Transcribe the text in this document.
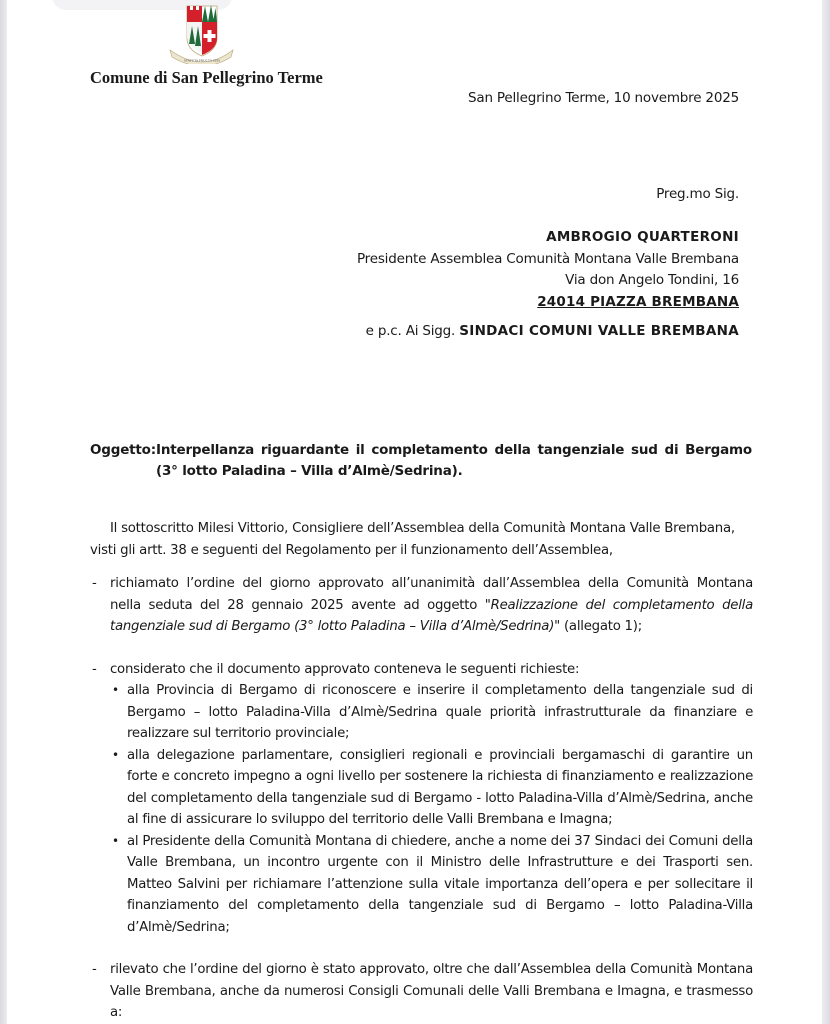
STATUTA FRUCTA SUIS
Comune di San Pellegrino Terme
San Pellegrino Terme, 10 novembre 2025
Preg.mo Sig.
AMBROGIO QUARTERONI
Presidente Assemblea Comunità Montana Valle Brembana
Via don Angelo Tondini, 16
24014 PIAZZA BREMBANA
e p.c. Ai Sigg. SINDACI COMUNI VALLE BREMBANA
Oggetto: Interpellanza riguardante il completamento della tangenziale sud di Bergamo (3° lotto Paladina – Villa d’Almè/Sedrina).

Il sottoscritto Milesi Vittorio, Consigliere dell’Assemblea della Comunità Montana Valle Brembana, visti gli artt. 38 e seguenti del Regolamento per il funzionamento dell’Assemblea,

- richiamato l’ordine del giorno approvato all’unanimità dall’Assemblea della Comunità Montana nella seduta del 28 gennaio 2025 avente ad oggetto "Realizzazione del completamento della tangenziale sud di Bergamo (3° lotto Paladina – Villa d’Almè/Sedrina)" (allegato 1);
- considerato che il documento approvato conteneva le seguenti richieste:
• alla Provincia di Bergamo di riconoscere e inserire il completamento della tangenziale sud di Bergamo – lotto Paladina-Villa d’Almè/Sedrina quale priorità infrastrutturale da finanziare e realizzare sul territorio provinciale;
• alla delegazione parlamentare, consiglieri regionali e provinciali bergamaschi di garantire un forte e concreto impegno a ogni livello per sostenere la richiesta di finanziamento e realizzazione del completamento della tangenziale sud di Bergamo - lotto Paladina-Villa d’Almè/Sedrina, anche al fine di assicurare lo sviluppo del territorio delle Valli Brembana e Imagna;
• al Presidente della Comunità Montana di chiedere, anche a nome dei 37 Sindaci dei Comuni della Valle Brembana, un incontro urgente con il Ministro delle Infrastrutture e dei Trasporti sen. Matteo Salvini per richiamare l’attenzione sulla vitale importanza dell’opera e per sollecitare il finanziamento del completamento della tangenziale sud di Bergamo – lotto Paladina-Villa d’Almè/Sedrina;
- rilevato che l’ordine del giorno è stato approvato, oltre che dall’Assemblea della Comunità Montana Valle Brembana, anche da numerosi Consigli Comunali delle Valli Brembana e Imagna, e trasmesso a:
